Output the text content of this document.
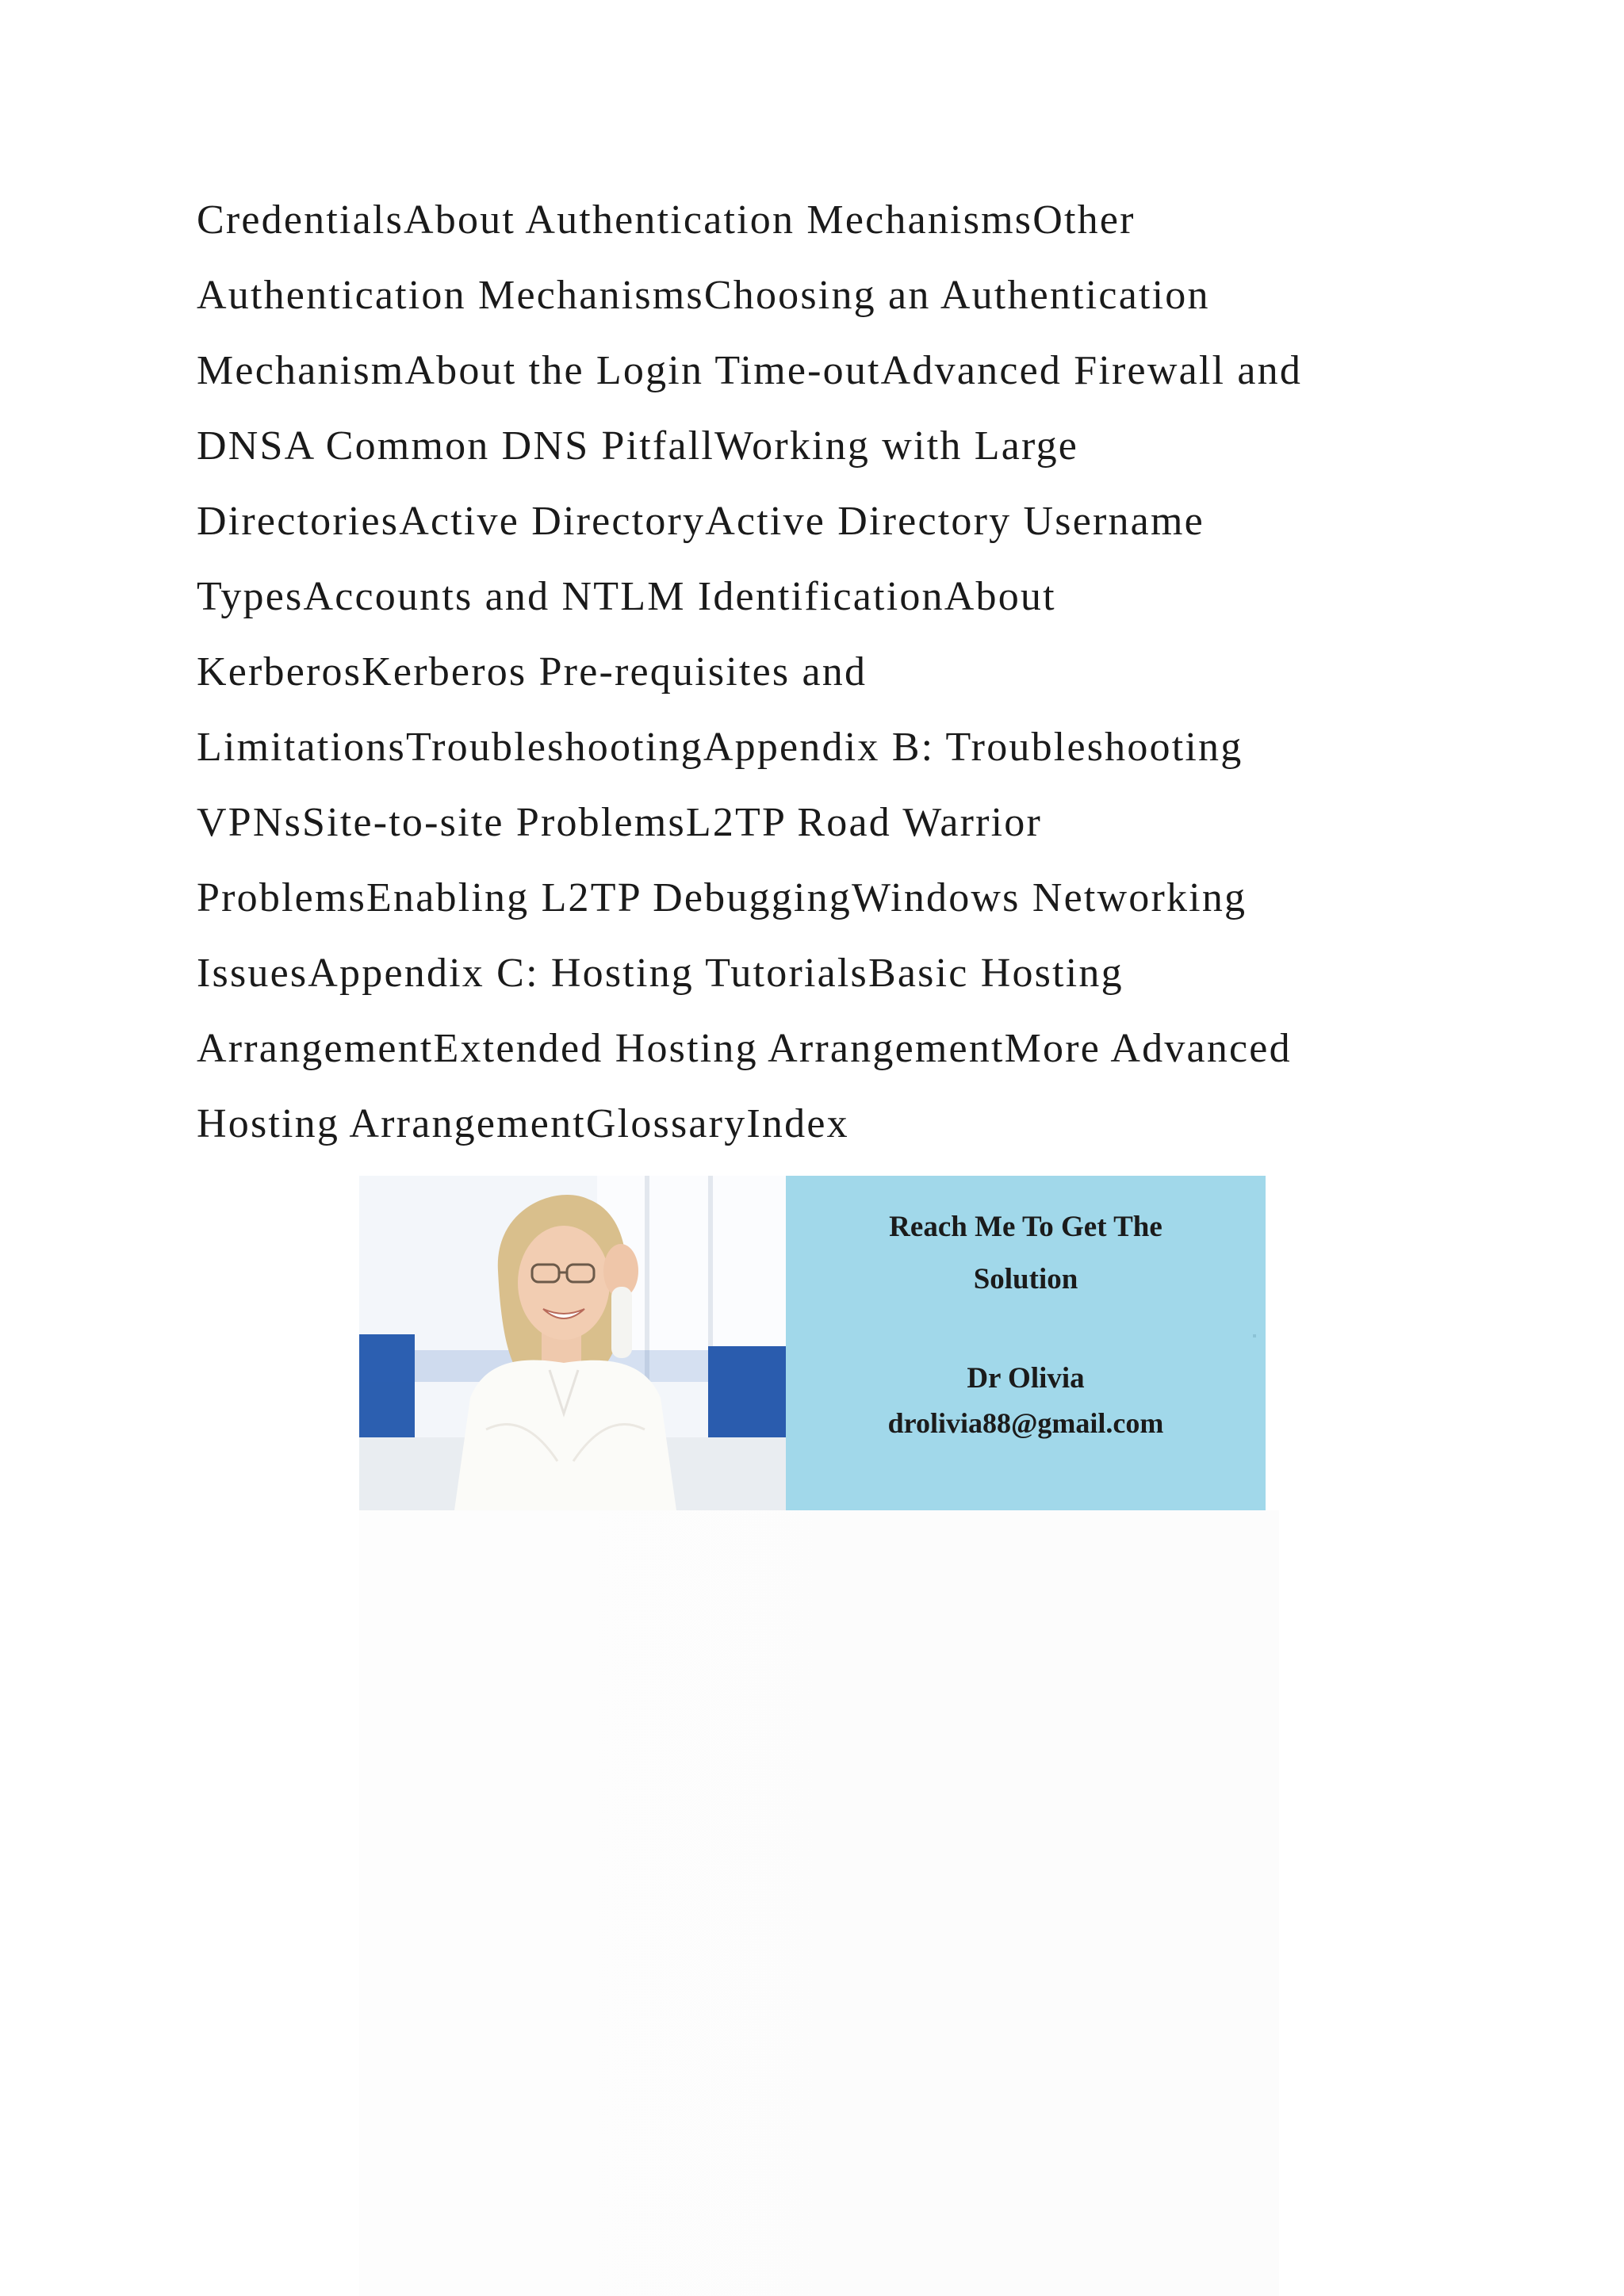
CredentialsAbout Authentication MechanismsOther
Authentication MechanismsChoosing an Authentication
MechanismAbout the Login Time-outAdvanced Firewall and
DNSA Common DNS PitfallWorking with Large
DirectoriesActive DirectoryActive Directory Username
TypesAccounts and NTLM IdentificationAbout
KerberosKerberos Pre-requisites and
LimitationsTroubleshootingAppendix B: Troubleshooting
VPNsSite-to-site ProblemsL2TP Road Warrior
ProblemsEnabling L2TP DebuggingWindows Networking
IssuesAppendix C: Hosting TutorialsBasic Hosting
ArrangementExtended Hosting ArrangementMore Advanced
Hosting ArrangementGlossaryIndex
Reach Me To Get The
Solution
Dr Olivia
drolivia88@gmail.com
